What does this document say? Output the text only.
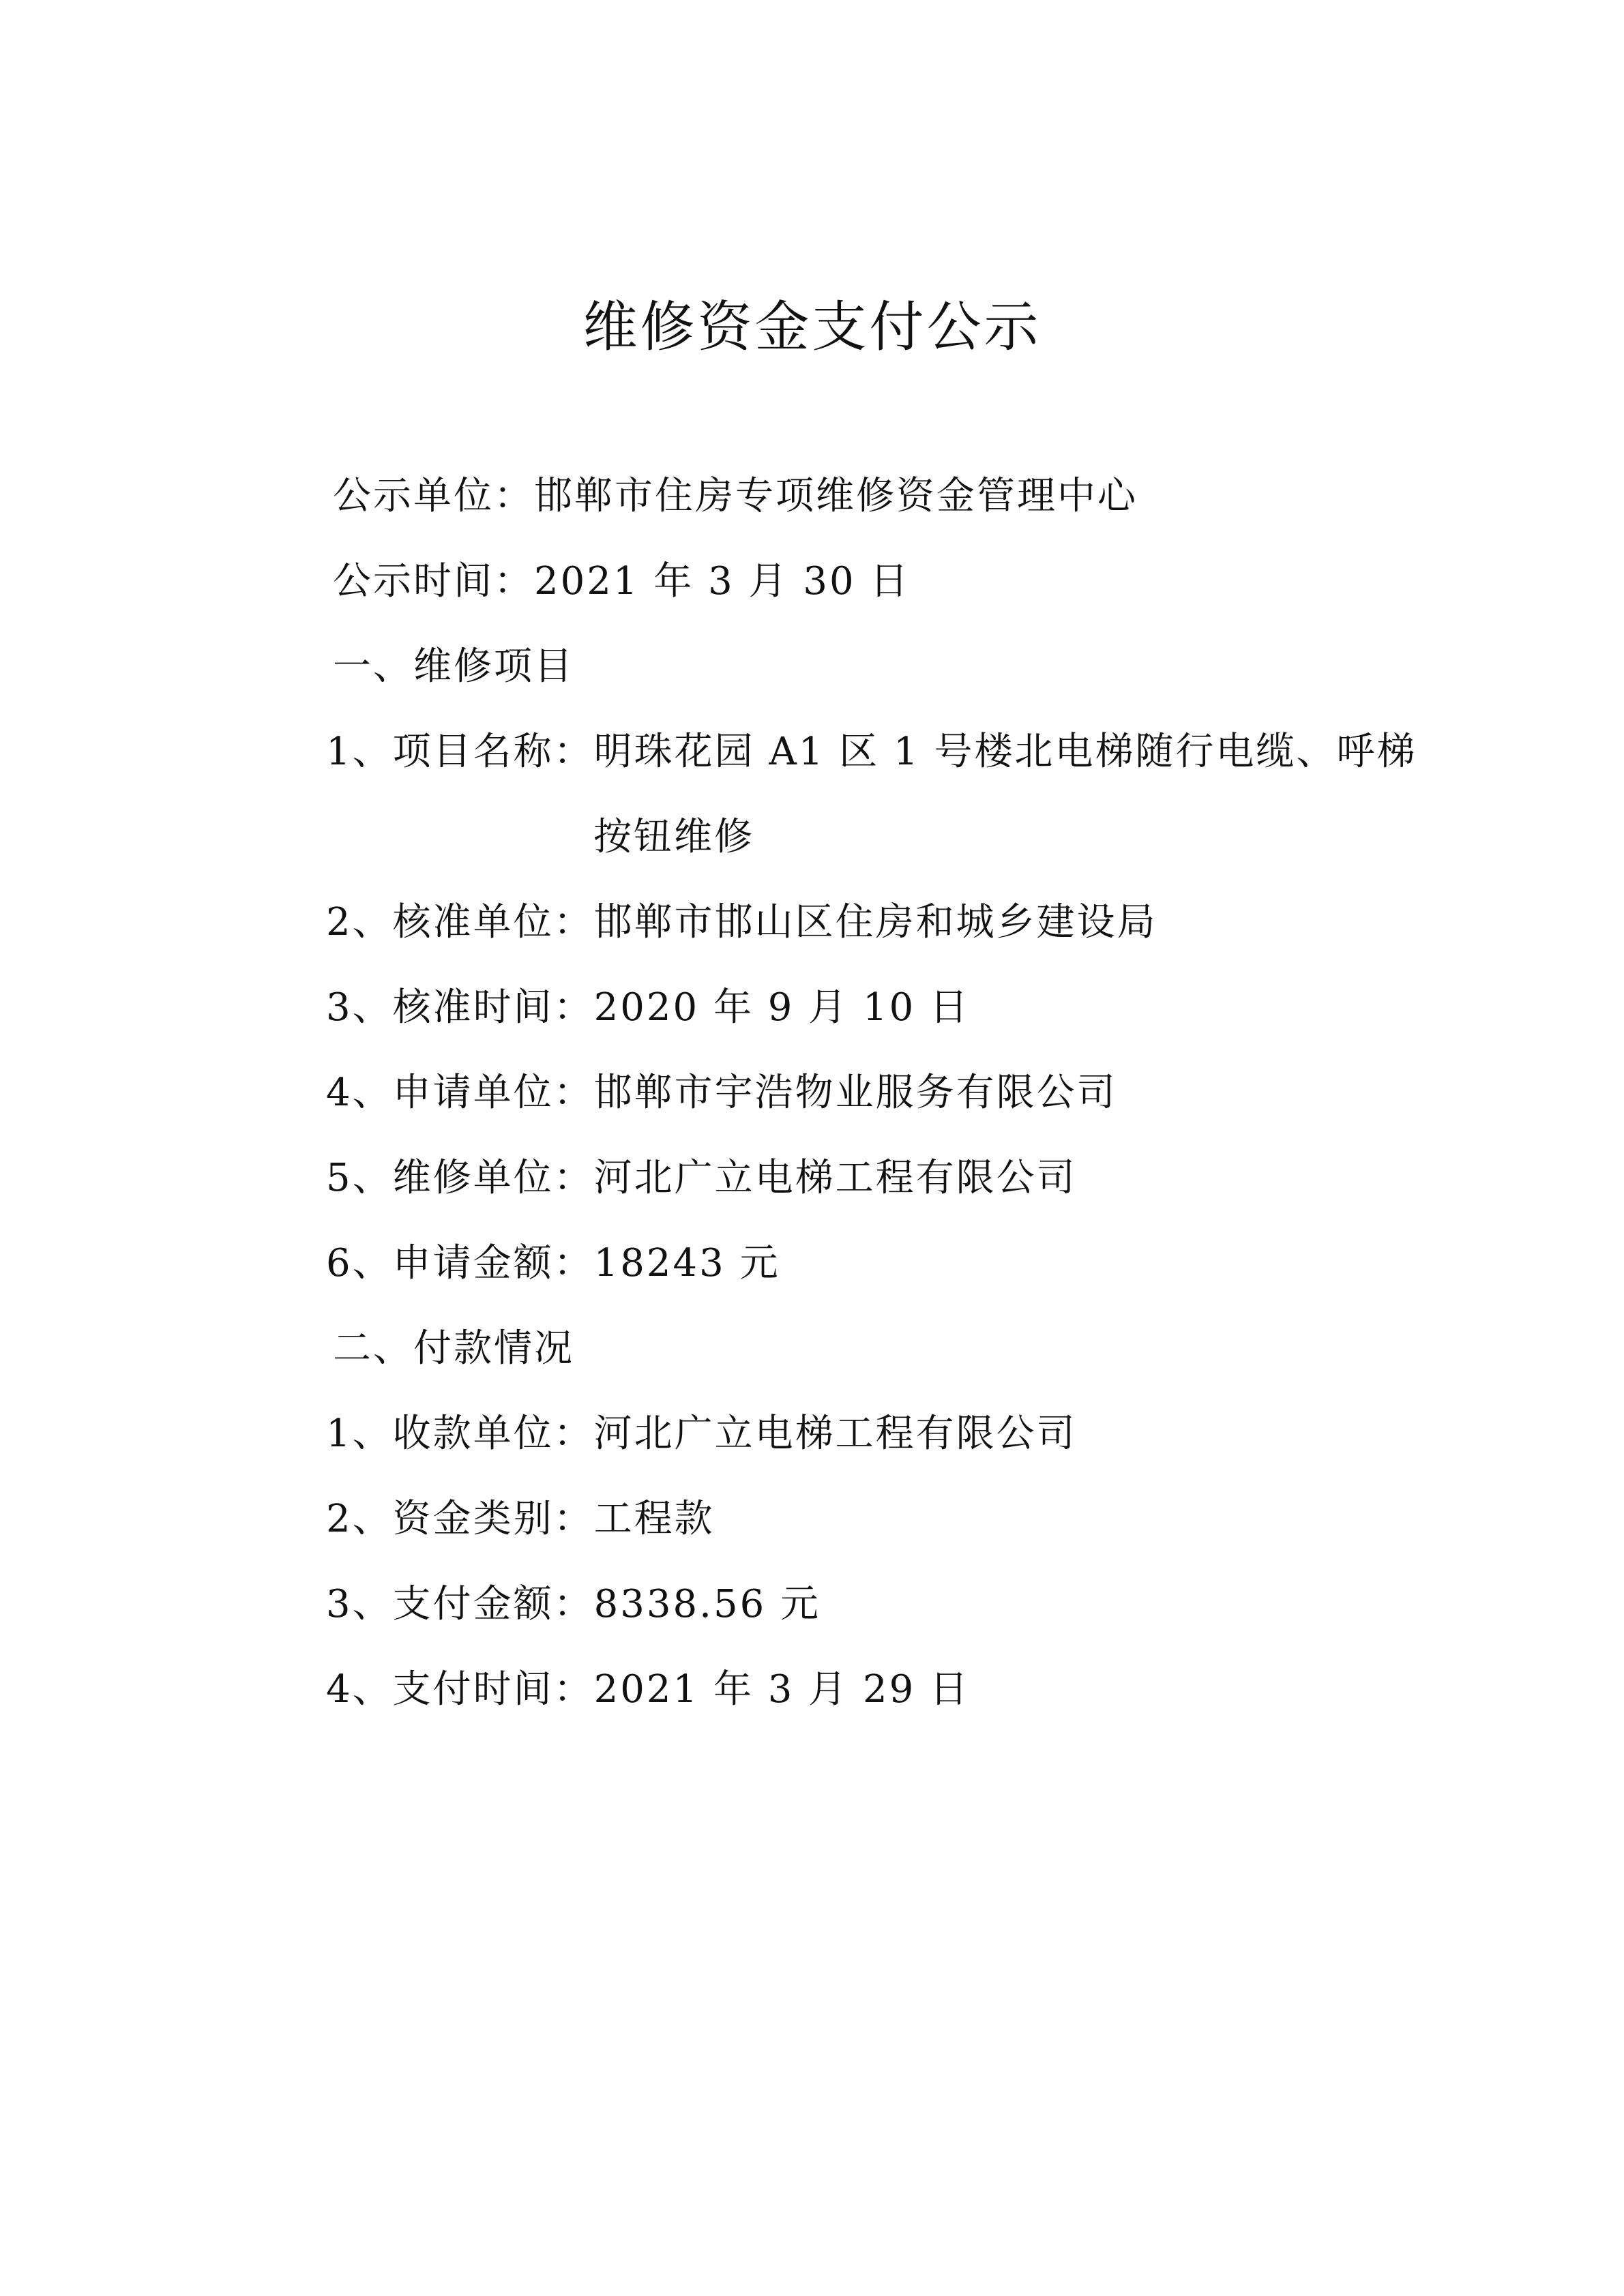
维修资金支付公示
公示单位：邯郸市住房专项维修资金管理中心
公示时间：2021 年 3 月 30 日
一、维修项目
1、项目名称：明珠花园 A1 区 1 号楼北电梯随行电缆、呼梯
按钮维修
2、核准单位：邯郸市邯山区住房和城乡建设局
3、核准时间：2020 年 9 月 10 日
4、申请单位：邯郸市宇浩物业服务有限公司
5、维修单位：河北广立电梯工程有限公司
6、申请金额：18243 元
二、付款情况
1、收款单位：河北广立电梯工程有限公司
2、资金类别：工程款
3、支付金额：8338.56 元
4、支付时间：2021 年 3 月 29 日
